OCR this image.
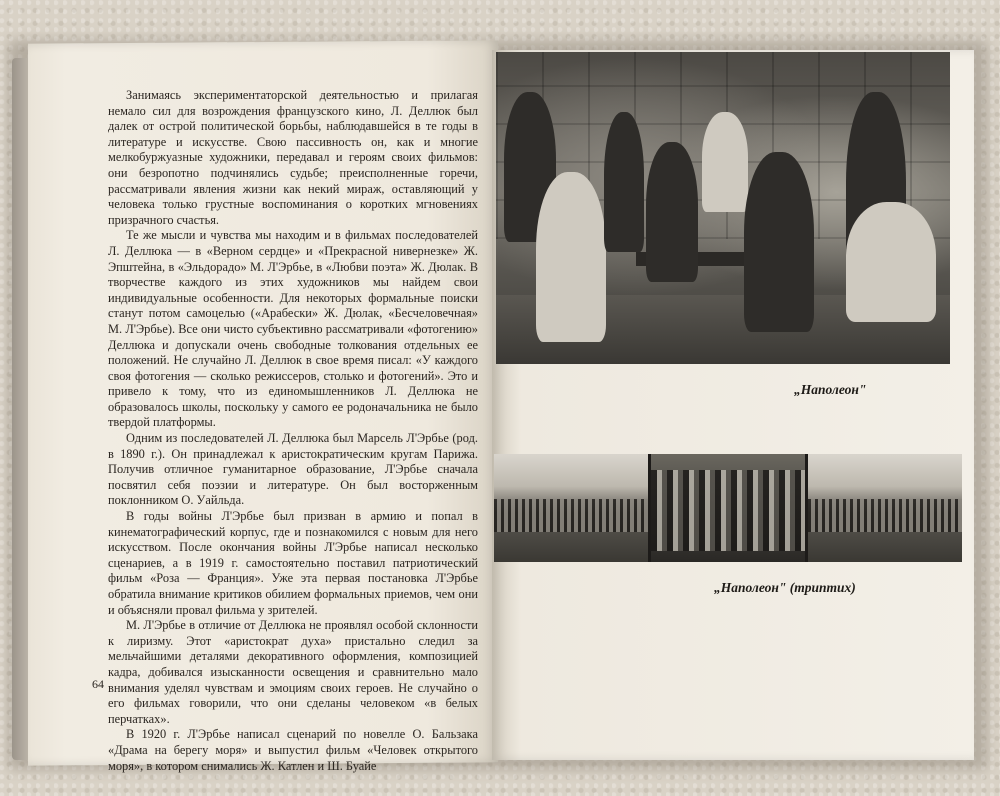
Занимаясь экспериментаторской деятельностью и прилагая немало сил для возрождения французского кино, Л. Деллюк был далек от острой политической борьбы, наблюдавшейся в те годы в литературе и искусстве. Свою пассивность он, как и многие мелкобуржуазные художники, передавал и героям своих фильмов: они безропотно подчинялись судьбе; преисполненные горечи, рассматривали явления жизни как некий мираж, оставляющий у человека только грустные воспоминания о коротких мгновениях призрачного счастья.

Те же мысли и чувства мы находим и в фильмах последователей Л. Деллюка — в «Верном сердце» и «Прекрасной нивернезке» Ж. Эпштейна, в «Эльдорадо» М. Л'Эрбье, в «Любви поэта» Ж. Дюлак. В творчестве каждого из этих художников мы найдем свои индивидуальные особенности. Для некоторых формальные поиски станут потом самоцелью («Арабески» Ж. Дюлак, «Бесчеловечная» М. Л'Эрбье). Все они чисто субъективно рассматривали «фотогению» Деллюка и допускали очень свободные толкования отдельных ее положений. Не случайно Л. Деллюк в свое время писал: «У каждого своя фотогения — сколько режиссеров, столько и фотогений». Это и привело к тому, что из единомышленников Л. Деллюка не образовалось школы, поскольку у самого ее родоначальника не было твердой платформы.

Одним из последователей Л. Деллюка был Марсель Л'Эрбье (род. в 1890 г.). Он принадлежал к аристократическим кругам Парижа. Получив отличное гуманитарное образование, Л'Эрбье сначала посвятил себя поэзии и литературе. Он был восторженным поклонником О. Уайльда.

В годы войны Л'Эрбье был призван в армию и попал в кинематографический корпус, где и познакомился с новым для него искусством. После окончания войны Л'Эрбье написал несколько сценариев, а в 1919 г. самостоятельно поставил патриотический фильм «Роза — Франция». Уже эта первая постановка Л'Эрбье обратила внимание критиков обилием формальных приемов, чем они и объясняли провал фильма у зрителей.

М. Л'Эрбье в отличие от Деллюка не проявлял особой склонности к лиризму. Этот «аристократ духа» пристально следил за мельчайшими деталями декоративного оформления, композицией кадра, добивался изысканности освещения и сравнительно мало внимания уделял чувствам и эмоциям своих героев. Не случайно о его фильмах говорили, что они сделаны человеком «в белых перчатках».

В 1920 г. Л'Эрбье написал сценарий по новелле О. Бальзака «Драма на берегу моря» и выпустил фильм «Человек открытого моря», в котором снимались Ж. Катлен и Ш. Буайе

64
„Наполеон"
„Наполеон" (триптих)
